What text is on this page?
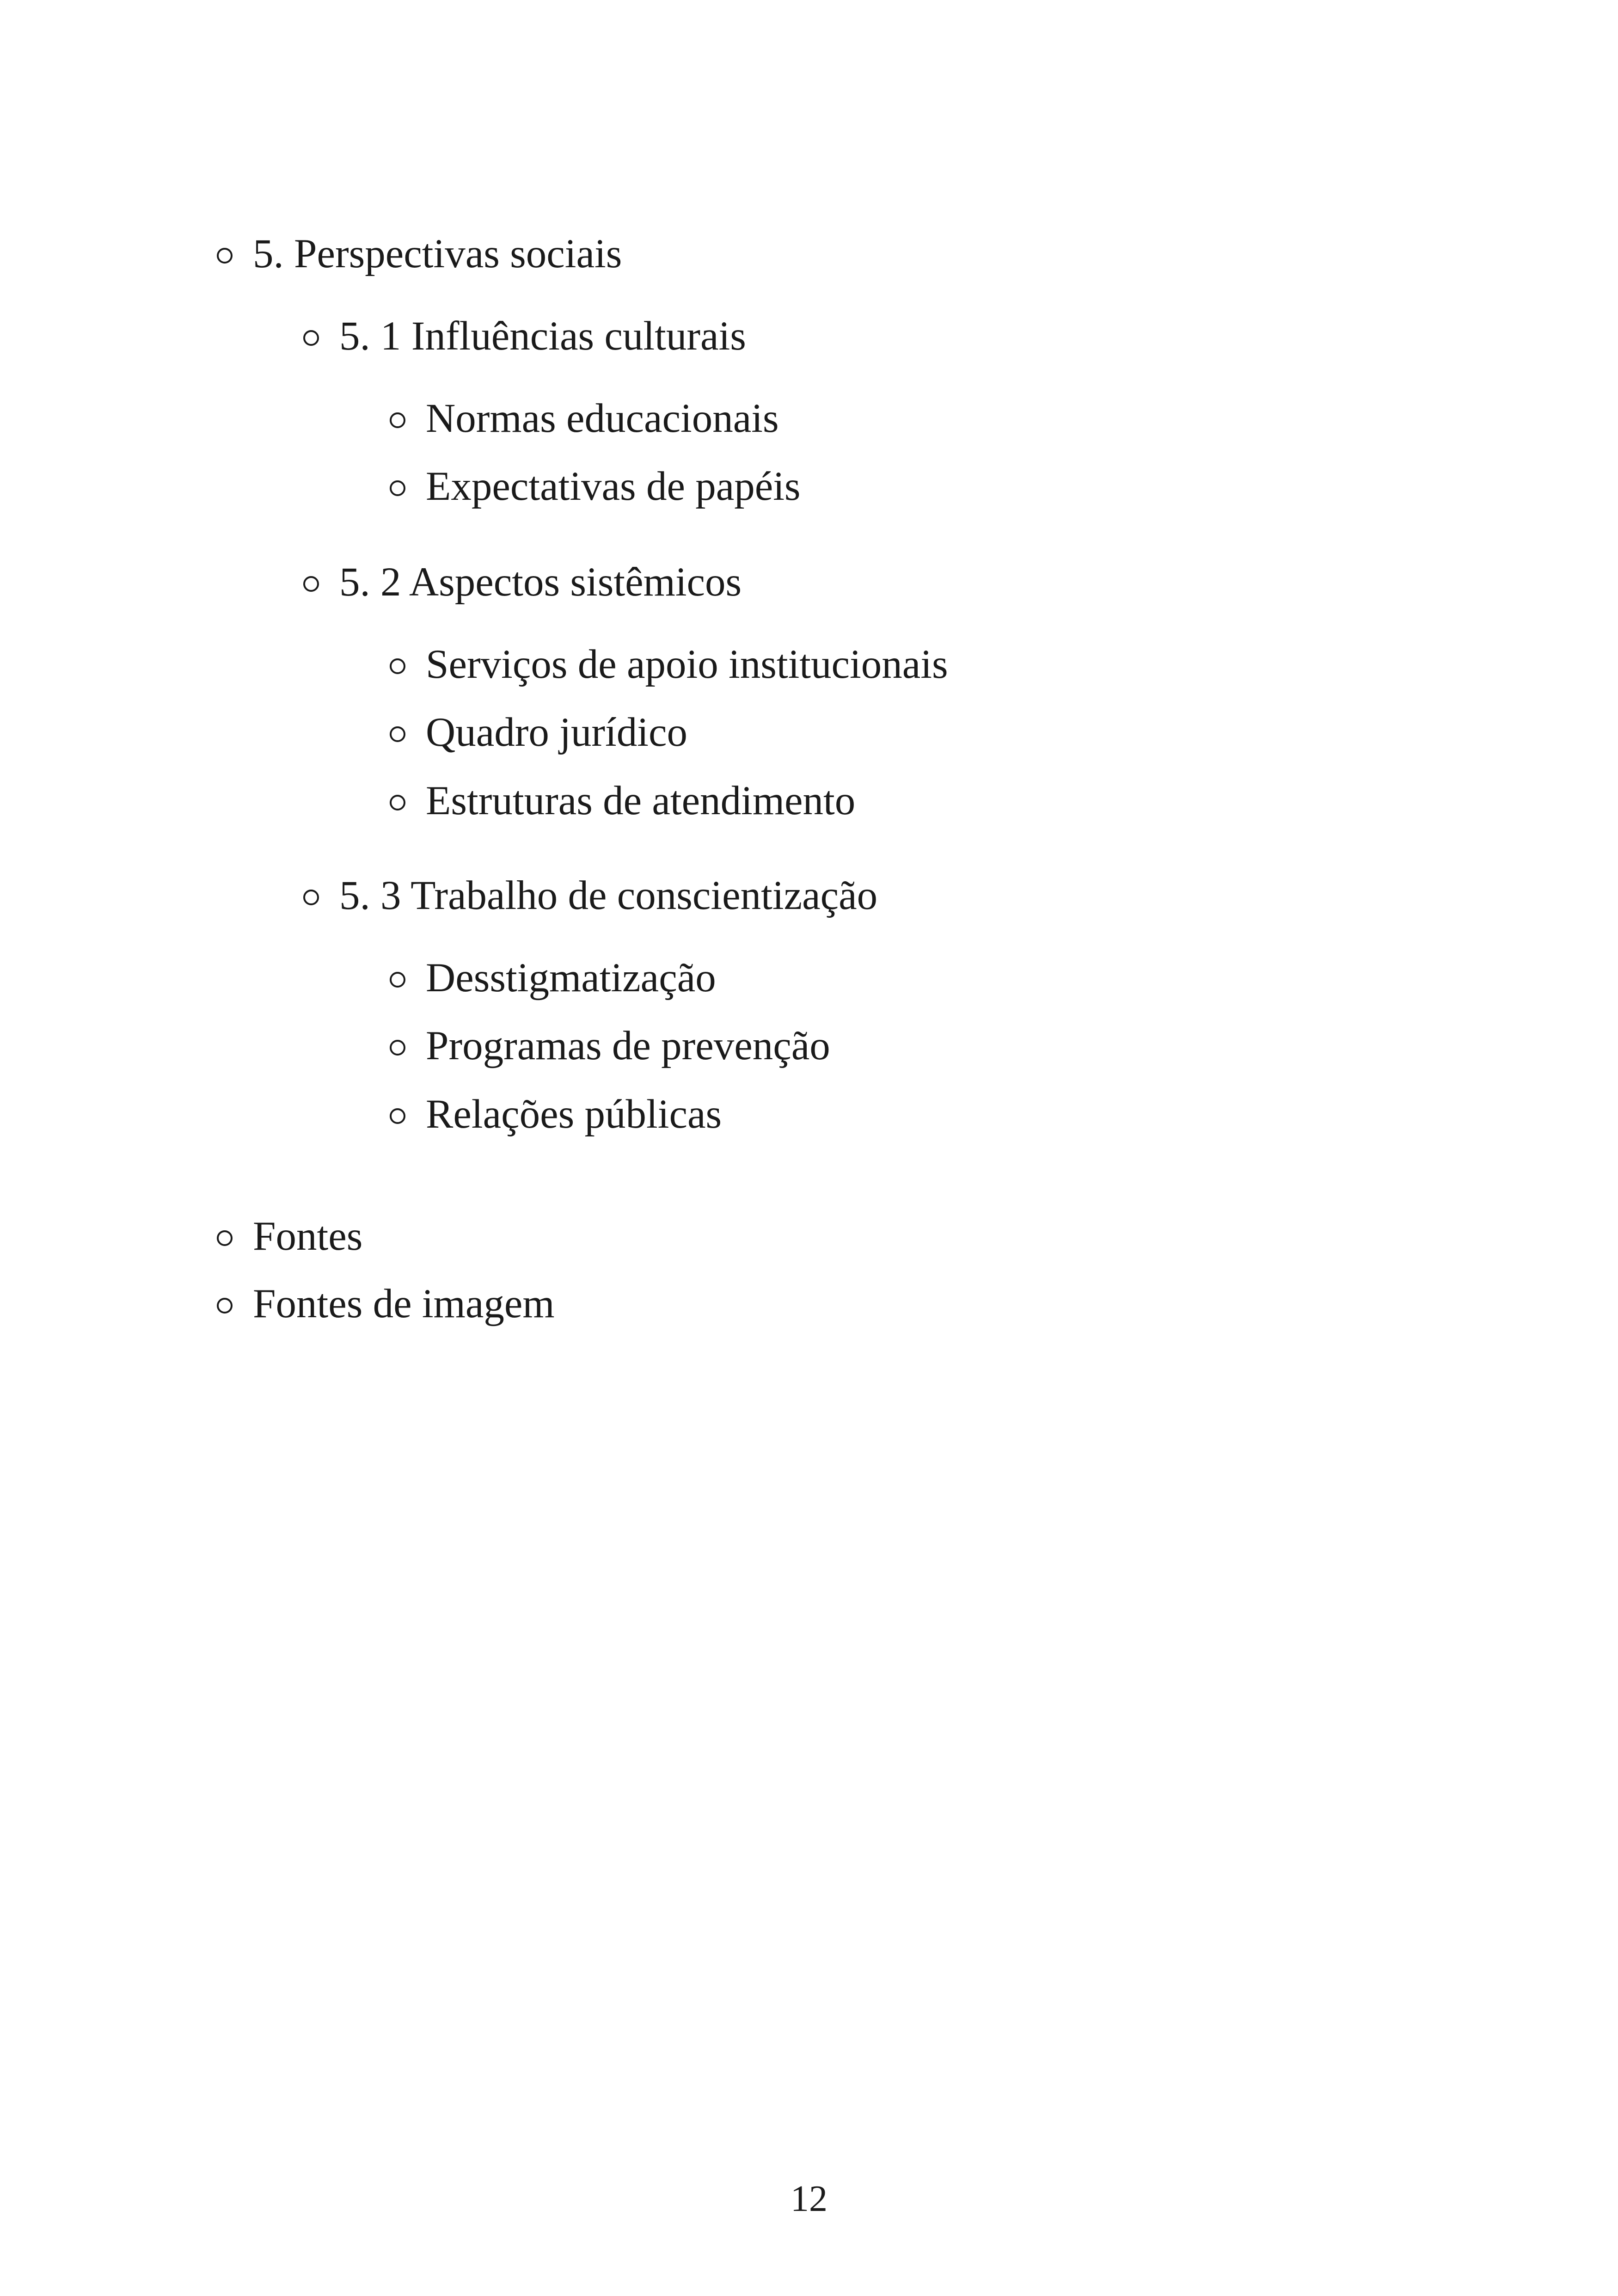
5. Perspectivas sociais
5. 1 Influências culturais
Normas educacionais
Expectativas de papéis
5. 2 Aspectos sistêmicos
Serviços de apoio institucionais
Quadro jurídico
Estruturas de atendimento
5. 3 Trabalho de conscientização
Desstigmatização
Programas de prevenção
Relações públicas
Fontes
Fontes de imagem
12
